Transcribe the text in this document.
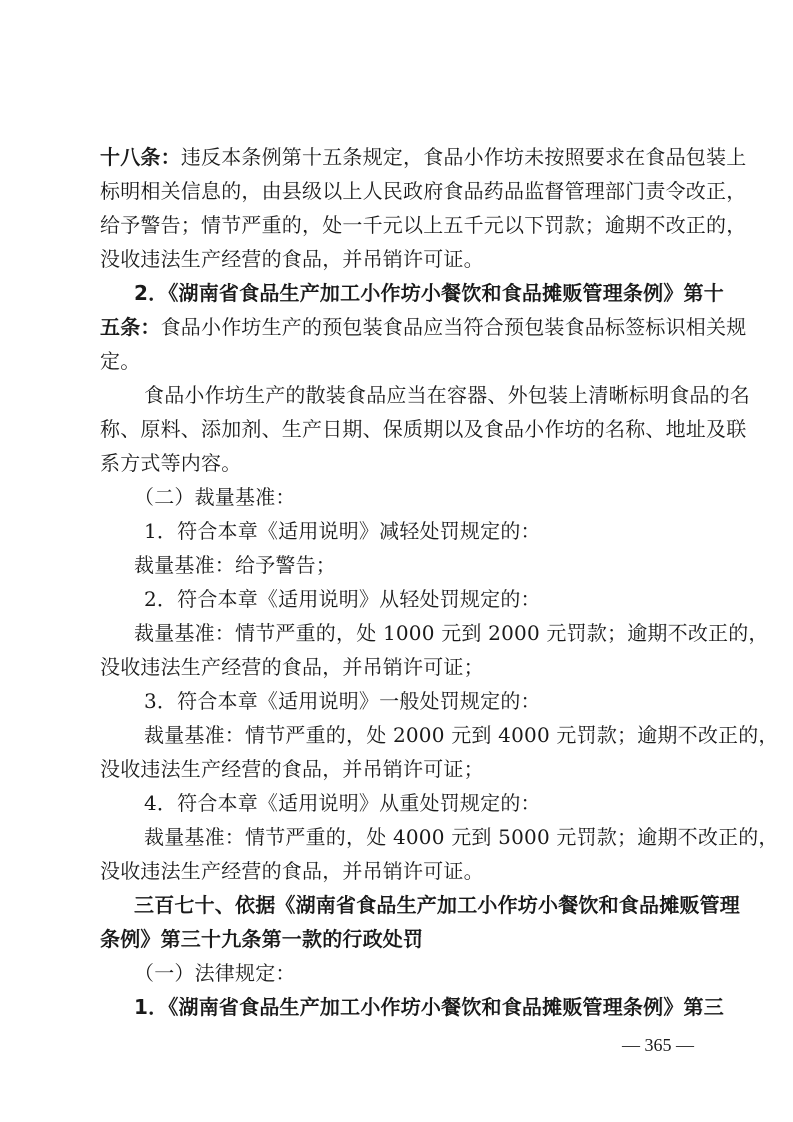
十八条：违反本条例第十五条规定，食品小作坊未按照要求在食品包装上
标明相关信息的，由县级以上人民政府食品药品监督管理部门责令改正，
给予警告；情节严重的，处一千元以上五千元以下罚款；逾期不改正的，
没收违法生产经营的食品，并吊销许可证。
2．《湖南省食品生产加工小作坊小餐饮和食品摊贩管理条例》第十
五条：食品小作坊生产的预包装食品应当符合预包装食品标签标识相关规
定。
食品小作坊生产的散装食品应当在容器、外包装上清晰标明食品的名
称、原料、添加剂、生产日期、保质期以及食品小作坊的名称、地址及联
系方式等内容。
（二）裁量基准：
1．符合本章《适用说明》减轻处罚规定的：
裁量基准：给予警告；
2．符合本章《适用说明》从轻处罚规定的：
裁量基准：情节严重的，处 1000 元到 2000 元罚款；逾期不改正的，
没收违法生产经营的食品，并吊销许可证；
3．符合本章《适用说明》一般处罚规定的：
裁量基准：情节严重的，处 2000 元到 4000 元罚款；逾期不改正的，
没收违法生产经营的食品，并吊销许可证；
4．符合本章《适用说明》从重处罚规定的：
裁量基准：情节严重的，处 4000 元到 5000 元罚款；逾期不改正的，
没收违法生产经营的食品，并吊销许可证。
三百七十、依据《湖南省食品生产加工小作坊小餐饮和食品摊贩管理
条例》第三十九条第一款的行政处罚
（一）法律规定：
1．《湖南省食品生产加工小作坊小餐饮和食品摊贩管理条例》第三
— 365 —
